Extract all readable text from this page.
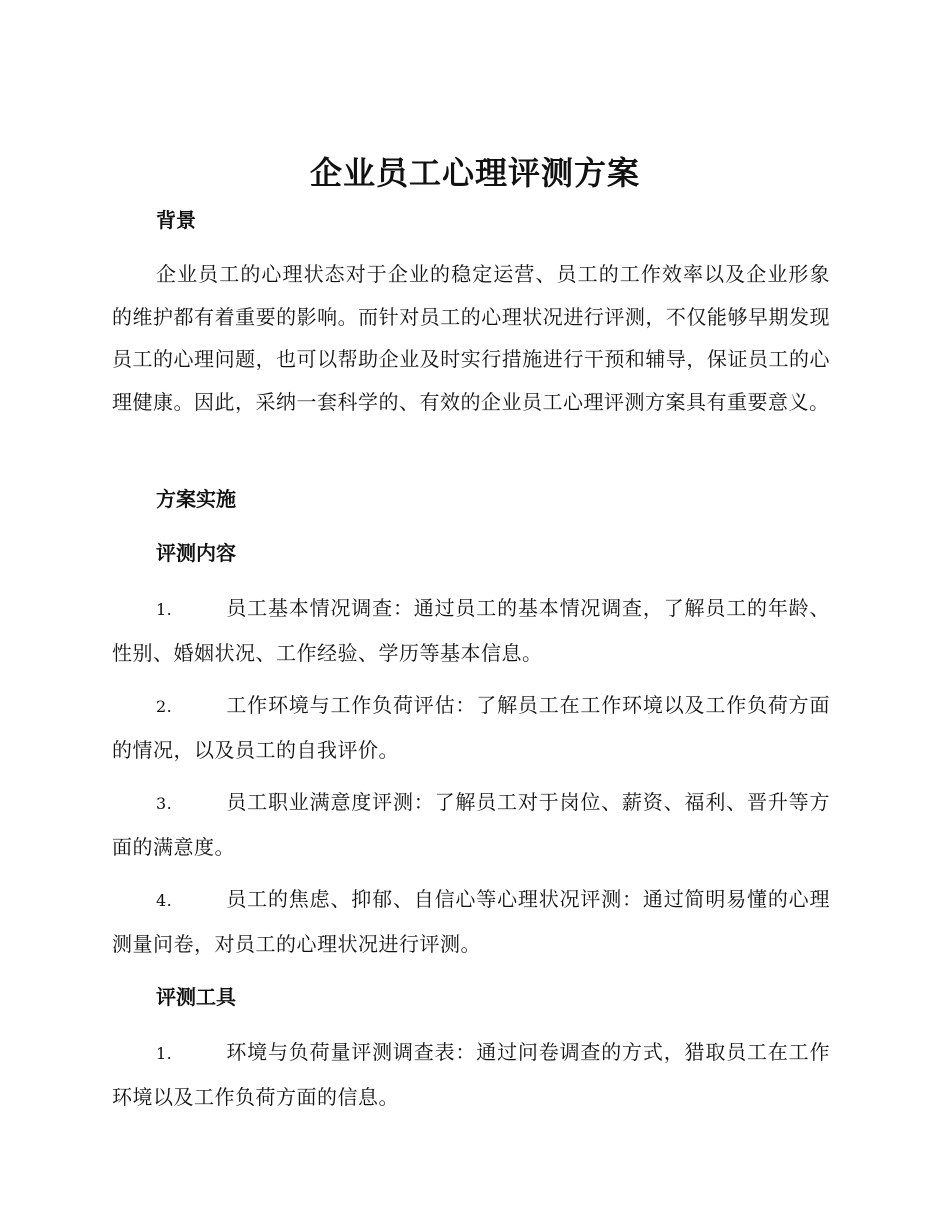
企业员工心理评测方案
背景
企业员工的心理状态对于企业的稳定运营、员工的工作效率以及企业形象的维护都有着重要的影响。而针对员工的心理状况进行评测，不仅能够早期发现员工的心理问题，也可以帮助企业及时实行措施进行干预和辅导，保证员工的心理健康。因此，采纳一套科学的、有效的企业员工心理评测方案具有重要意义。
方案实施
评测内容
1.	员工基本情况调查：通过员工的基本情况调查，了解员工的年龄、性别、婚姻状况、工作经验、学历等基本信息。
2.	工作环境与工作负荷评估：了解员工在工作环境以及工作负荷方面的情况，以及员工的自我评价。
3.	员工职业满意度评测：了解员工对于岗位、薪资、福利、晋升等方面的满意度。
4.	员工的焦虑、抑郁、自信心等心理状况评测：通过简明易懂的心理测量问卷，对员工的心理状况进行评测。
评测工具
1.	环境与负荷量评测调查表：通过问卷调查的方式，猎取员工在工作环境以及工作负荷方面的信息。
